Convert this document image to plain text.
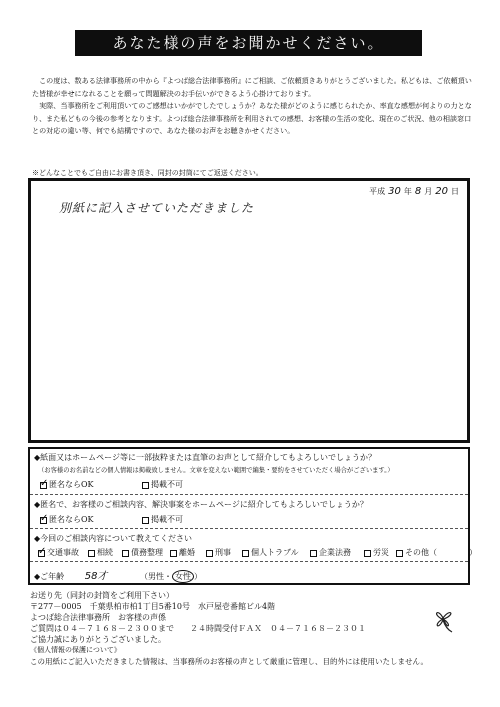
あなた様の声をお聞かせください。

この度は、数ある法律事務所の中から『よつば総合法律事務所』にご相談、ご依頼頂きありがとうございました。私どもは、ご依頼頂いた皆様が幸せになれることを願って問題解決のお手伝いができるよう心掛けております。

実際、当事務所をご利用頂いてのご感想はいかがでしたでしょうか？あなた様がどのように感じられたか、率直な感想が何よりの力となり、また私どもの今後の参考となります。よつば総合法律事務所を利用されての感想、お客様の生活の変化、現在のご状況、他の相談窓口との対応の違い等、何でも結構ですので、あなた様のお声をお聴きかせください。

※どんなことでもご自由にお書き頂き、同封の封筒にてご返送ください。
平成 30 年 8 月 20 日
別紙に記入させていただきました
◆紙面又はホームページ等に一部抜粋または直筆のお声として紹介してもよろしいでしょうか？
（お客様のお名前などの個人情報は掲載致しません。文章を変えない範囲で編集・要約をさせていただく場合がございます。）
✓匿名ならOK	掲載不可
◆匿名で、お客様のご相談内容、解決事案をホームページに紹介してもよろしいでしょうか？
✓匿名ならOK	掲載不可
◆今回のご相談内容について教えてください
✓交通事故	相続	債務整理	離婚	刑事	個人トラブル	企業法務	労災	その他（　　　　）
◆ご年齢 58才	（男性・ 女性 ）
お送り先（同封の封筒をご利用下さい）
〒277－0005　千葉県柏市柏1丁目5番10号　水戸屋壱番館ビル4階
よつば総合法律事務所　お客様の声係
ご質問は０４－７１６８－２３００まで　　２４時間受付ＦＡＸ　０４－７１６８－２３０１
ご協力誠にありがとうございました。
《個人情報の保護について》
この用紙にご記入いただきました情報は、当事務所のお客様の声として厳重に管理し、目的外には使用いたしません。
